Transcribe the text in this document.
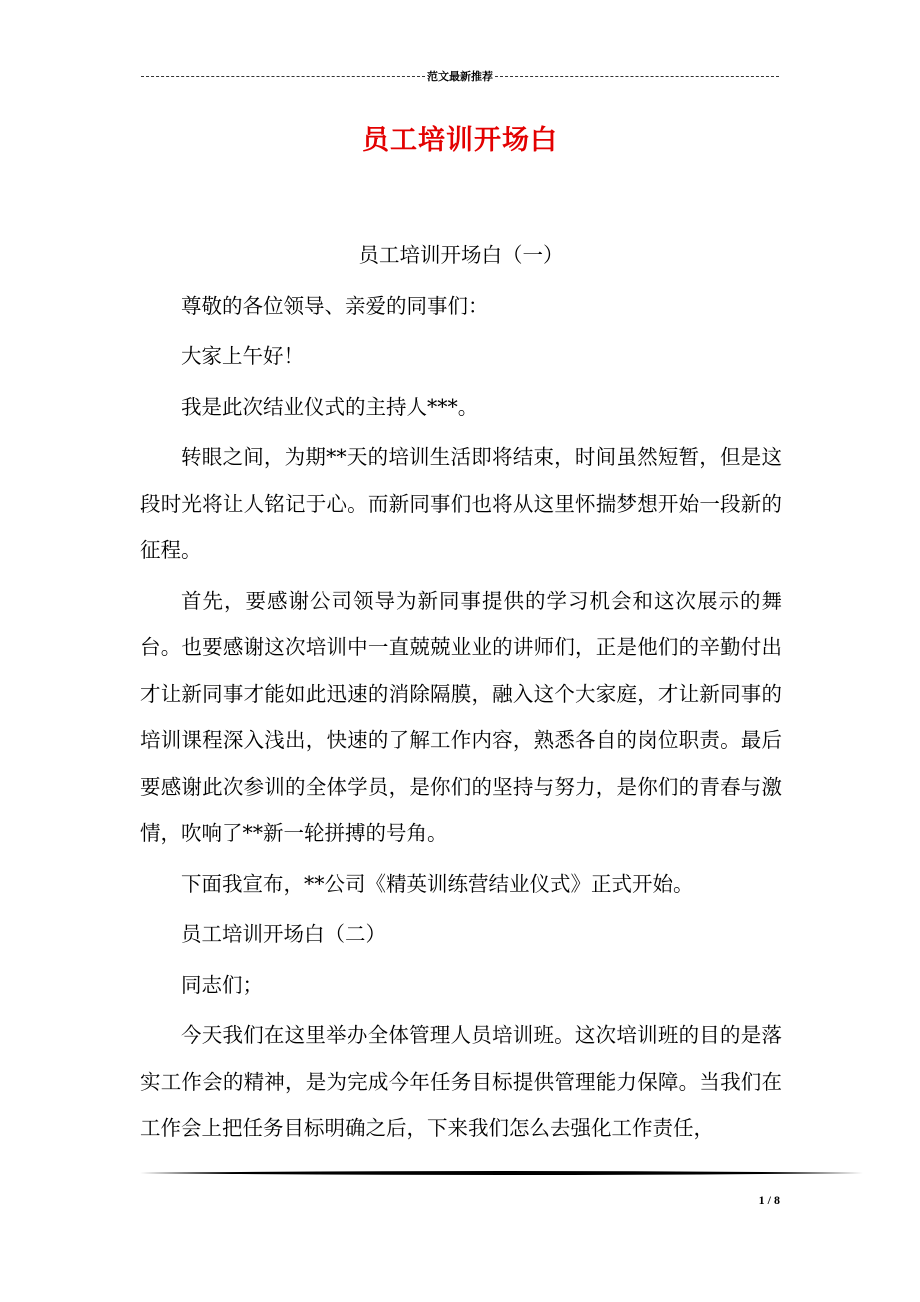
范文最新推荐
员工培训开场白

员工培训开场白（一）

尊敬的各位领导、亲爱的同事们：

大家上午好！

我是此次结业仪式的主持人***。

转眼之间，为期**天的培训生活即将结束，时间虽然短暂，但是这段时光将让人铭记于心。而新同事们也将从这里怀揣梦想开始一段新的征程。

首先，要感谢公司领导为新同事提供的学习机会和这次展示的舞台。也要感谢这次培训中一直兢兢业业的讲师们，正是他们的辛勤付出才让新同事才能如此迅速的消除隔膜，融入这个大家庭，才让新同事的培训课程深入浅出，快速的了解工作内容，熟悉各自的岗位职责。最后要感谢此次参训的全体学员，是你们的坚持与努力，是你们的青春与激情，吹响了**新一轮拼搏的号角。

下面我宣布，**公司《精英训练营结业仪式》正式开始。

员工培训开场白（二）

同志们；

今天我们在这里举办全体管理人员培训班。这次培训班的目的是落实工作会的精神，是为完成今年任务目标提供管理能力保障。当我们在工作会上把任务目标明确之后，下来我们怎么去强化工作责任，

1 / 8
